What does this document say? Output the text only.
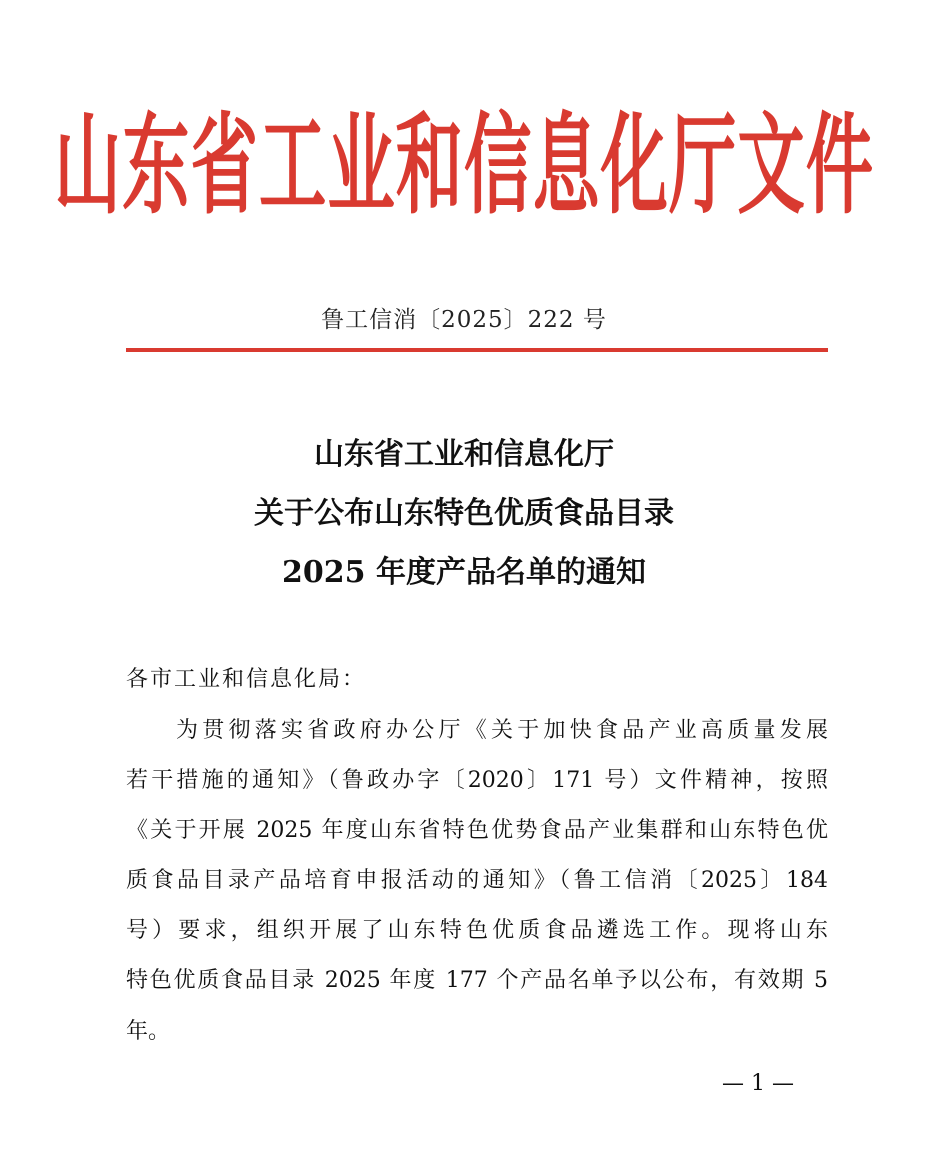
山东省工业和信息化厅文件
鲁工信消〔2025〕222 号
山东省工业和信息化厅
关于公布山东特色优质食品目录
2025 年度产品名单的通知
各市工业和信息化局：
为贯彻落实省政府办公厅《关于加快食品产业高质量发展
若干措施的通知》（鲁政办字〔2020〕171 号）文件精神，按照
《关于开展 2025 年度山东省特色优势食品产业集群和山东特色优
质食品目录产品培育申报活动的通知》（鲁工信消〔2025〕184
号）要求，组织开展了山东特色优质食品遴选工作。现将山东
特色优质食品目录 2025 年度 177 个产品名单予以公布，有效期 5
年。
— 1 —
